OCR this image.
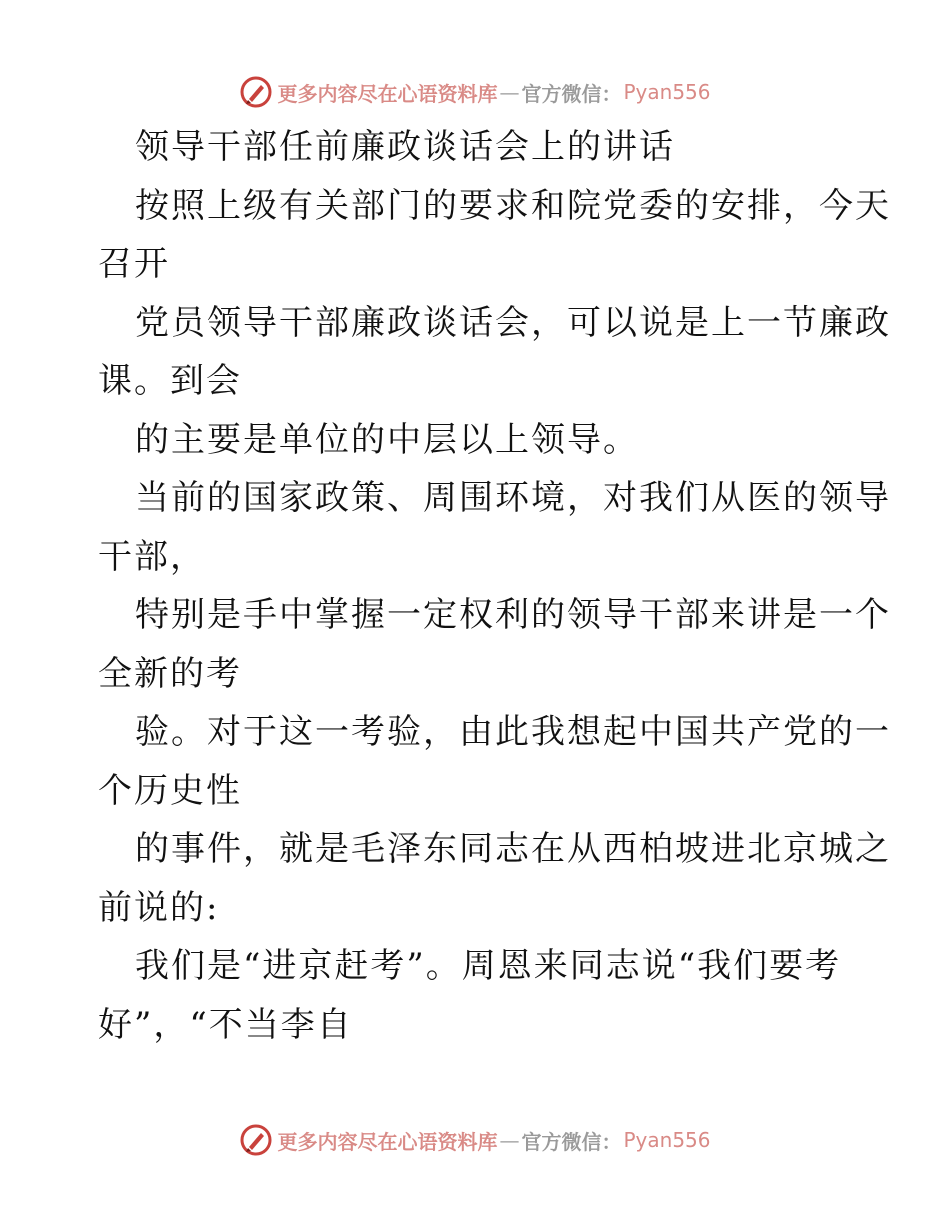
更多内容尽在心语资料库 — 官方微信： Pyan556
领导干部任前廉政谈话会上的讲话
按照上级有关部门的要求和院党委的安排，今天
召开
党员领导干部廉政谈话会，可以说是上一节廉政
课。到会
的主要是单位的中层以上领导。
当前的国家政策、周围环境，对我们从医的领导
干部，
特别是手中掌握一定权利的领导干部来讲是一个
全新的考
验。对于这一考验，由此我想起中国共产党的一
个历史性
的事件，就是毛泽东同志在从西柏坡进北京城之
前说的:
我们是“进京赶考”。周恩来同志说“我们要考
好”，“不当李自
更多内容尽在心语资料库 — 官方微信： Pyan556
